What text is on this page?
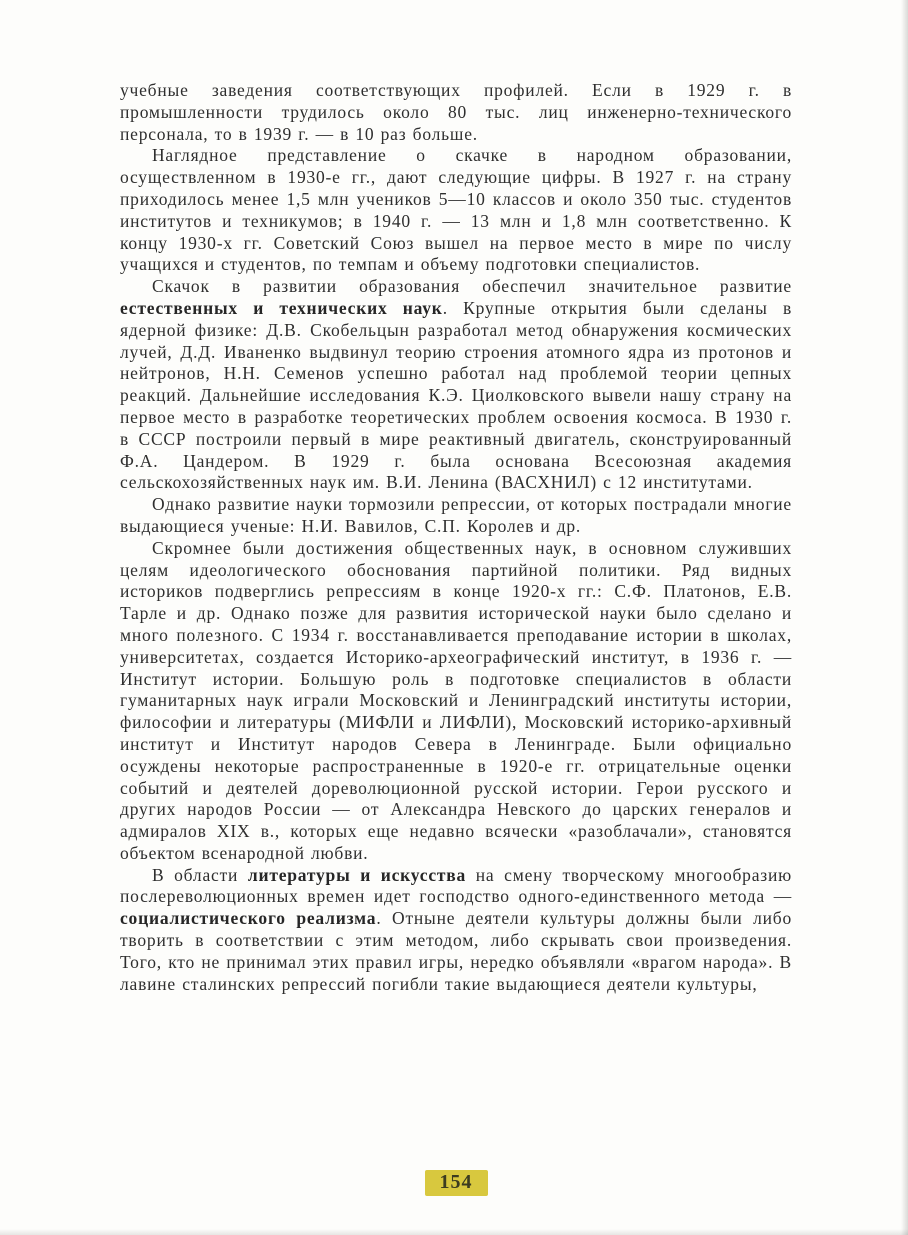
учебные заведения соответствующих профилей. Если в 1929 г. в промышленности трудилось около 80 тыс. лиц инженерно-технического персонала, то в 1939 г. — в 10 раз больше.

Наглядное представление о скачке в народном образовании, осуществленном в 1930-е гг., дают следующие цифры. В 1927 г. на страну приходилось менее 1,5 млн учеников 5—10 классов и около 350 тыс. студентов институтов и техникумов; в 1940 г. — 13 млн и 1,8 млн соответственно. К концу 1930-х гг. Советский Союз вышел на первое место в мире по числу учащихся и студентов, по темпам и объему подготовки специалистов.

Скачок в развитии образования обеспечил значительное развитие естественных и технических наук. Крупные открытия были сделаны в ядерной физике: Д.В. Скобельцын разработал метод обнаружения космических лучей, Д.Д. Иваненко выдвинул теорию строения атомного ядра из протонов и нейтронов, Н.Н. Семенов успешно работал над проблемой теории цепных реакций. Дальнейшие исследования К.Э. Циолковского вывели нашу страну на первое место в разработке теоретических проблем освоения космоса. В 1930 г. в СССР построили первый в мире реактивный двигатель, сконструированный Ф.А. Цандером. В 1929 г. была основана Всесоюзная академия сельскохозяйственных наук им. В.И. Ленина (ВАСХНИЛ) с 12 институтами.

Однако развитие науки тормозили репрессии, от которых пострадали многие выдающиеся ученые: Н.И. Вавилов, С.П. Королев и др.

Скромнее были достижения общественных наук, в основном служивших целям идеологического обоснования партийной политики. Ряд видных историков подверглись репрессиям в конце 1920-х гг.: С.Ф. Платонов, Е.В. Тарле и др. Однако позже для развития исторической науки было сделано и много полезного. С 1934 г. восстанавливается преподавание истории в школах, университетах, создается Историко-археографический институт, в 1936 г. — Институт истории. Большую роль в подготовке специалистов в области гуманитарных наук играли Московский и Ленинградский институты истории, философии и литературы (МИФЛИ и ЛИФЛИ), Московский историко-архивный институт и Институт народов Севера в Ленинграде. Были официально осуждены некоторые распространенные в 1920-е гг. отрицательные оценки событий и деятелей дореволюционной русской истории. Герои русского и других народов России — от Александра Невского до царских генералов и адмиралов XIX в., которых еще недавно всячески «разоблачали», становятся объектом всенародной любви.

В области литературы и искусства на смену творческому многообразию послереволюционных времен идет господство одного-единственного метода — социалистического реализма. Отныне деятели культуры должны были либо творить в соответствии с этим методом, либо скрывать свои произведения. Того, кто не принимал этих правил игры, нередко объявляли «врагом народа». В лавине сталинских репрессий погибли такие выдающиеся деятели культуры,

154
